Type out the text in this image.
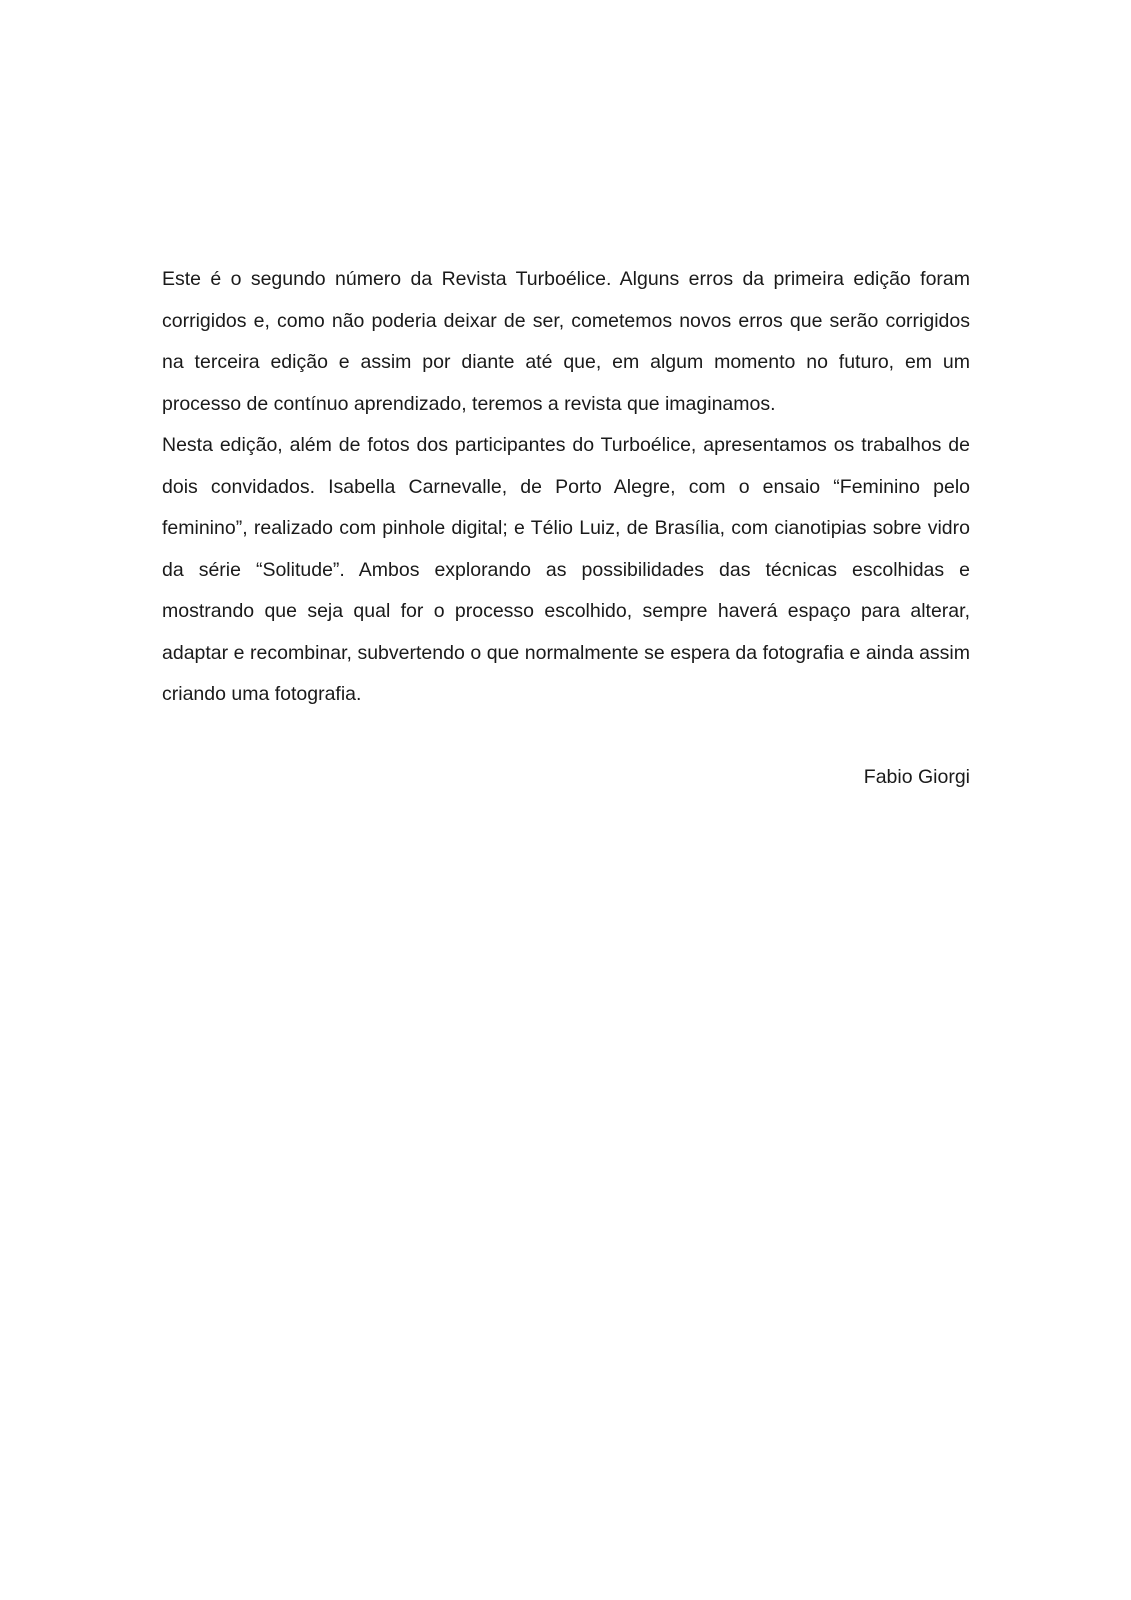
Este é o segundo número da Revista Turboélice. Alguns erros da primeira edição foram corrigidos e, como não poderia deixar de ser, cometemos novos erros que serão corrigidos na terceira edição e assim por diante até que, em algum momento no futuro, em um processo de contínuo aprendizado, teremos a revista que imaginamos.

Nesta edição, além de fotos dos participantes do Turboélice, apresentamos os trabalhos de dois convidados. Isabella Carnevalle, de Porto Alegre, com o ensaio “Feminino pelo feminino”, realizado com pinhole digital; e Télio Luiz, de Brasília, com cianotipias sobre vidro da série “Solitude”. Ambos explorando as possibilidades das técnicas escolhidas e mostrando que seja qual for o processo escolhido, sempre haverá espaço para alterar, adaptar e recombinar, subvertendo o que normalmente se espera da fotografia e ainda assim criando uma fotografia.

Fabio Giorgi
